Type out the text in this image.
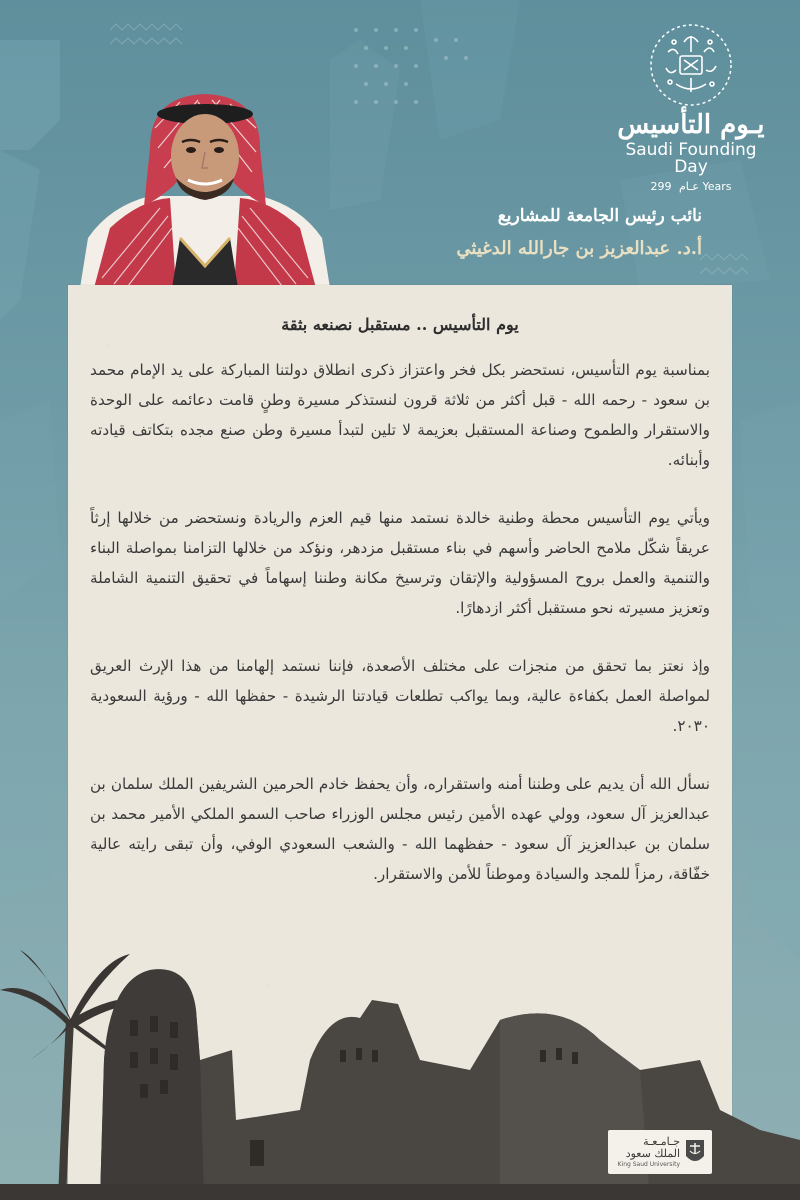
يـوم التأسيس
Saudi Founding Day
عـام 299 Years
نائب رئيس الجامعة للمشاريع
أ.د. عبدالعزيز بن جارالله الدغيثي
يوم التأسيس .. مستقبل نصنعه بثقة

بمناسبة يوم التأسيس، نستحضر بكل فخر واعتزاز ذكرى انطلاق دولتنا المباركة على يد الإمام محمد بن سعود - رحمه الله - قبل أكثر من ثلاثة قرون لنستذكر مسيرة وطنٍ قامت دعائمه على الوحدة والاستقرار والطموح وصناعة المستقبل بعزيمة لا تلين لتبدأ مسيرة وطن صنع مجده بتكاتف قيادته وأبنائه.

ويأتي يوم التأسيس محطة وطنية خالدة نستمد منها قيم العزم والريادة ونستحضر من خلالها إرثاً عريقاً شكّل ملامح الحاضر وأسهم في بناء مستقبل مزدهر، ونؤكد من خلالها التزامنا بمواصلة البناء والتنمية والعمل بروح المسؤولية والإتقان وترسيخ مكانة وطننا إسهاماً في تحقيق التنمية الشاملة وتعزيز مسيرته نحو مستقبل أكثر ازدهارًا.

وإذ نعتز بما تحقق من منجزات على مختلف الأصعدة، فإننا نستمد إلهامنا من هذا الإرث العريق لمواصلة العمل بكفاءة عالية، وبما يواكب تطلعات قيادتنا الرشيدة - حفظها الله - ورؤية السعودية ٢٠٣٠.

نسأل الله أن يديم على وطننا أمنه واستقراره، وأن يحفظ خادم الحرمين الشريفين الملك سلمان بن عبدالعزيز آل سعود، وولي عهده الأمين رئيس مجلس الوزراء صاحب السمو الملكي الأمير محمد بن سلمان بن عبدالعزيز آل سعود - حفظهما الله - والشعب السعودي الوفي، وأن تبقى رايته عالية خفّاقة، رمزاً للمجد والسيادة وموطناً للأمن والاستقرار.

جـامـعـة
الملك سعود
King Saud University
